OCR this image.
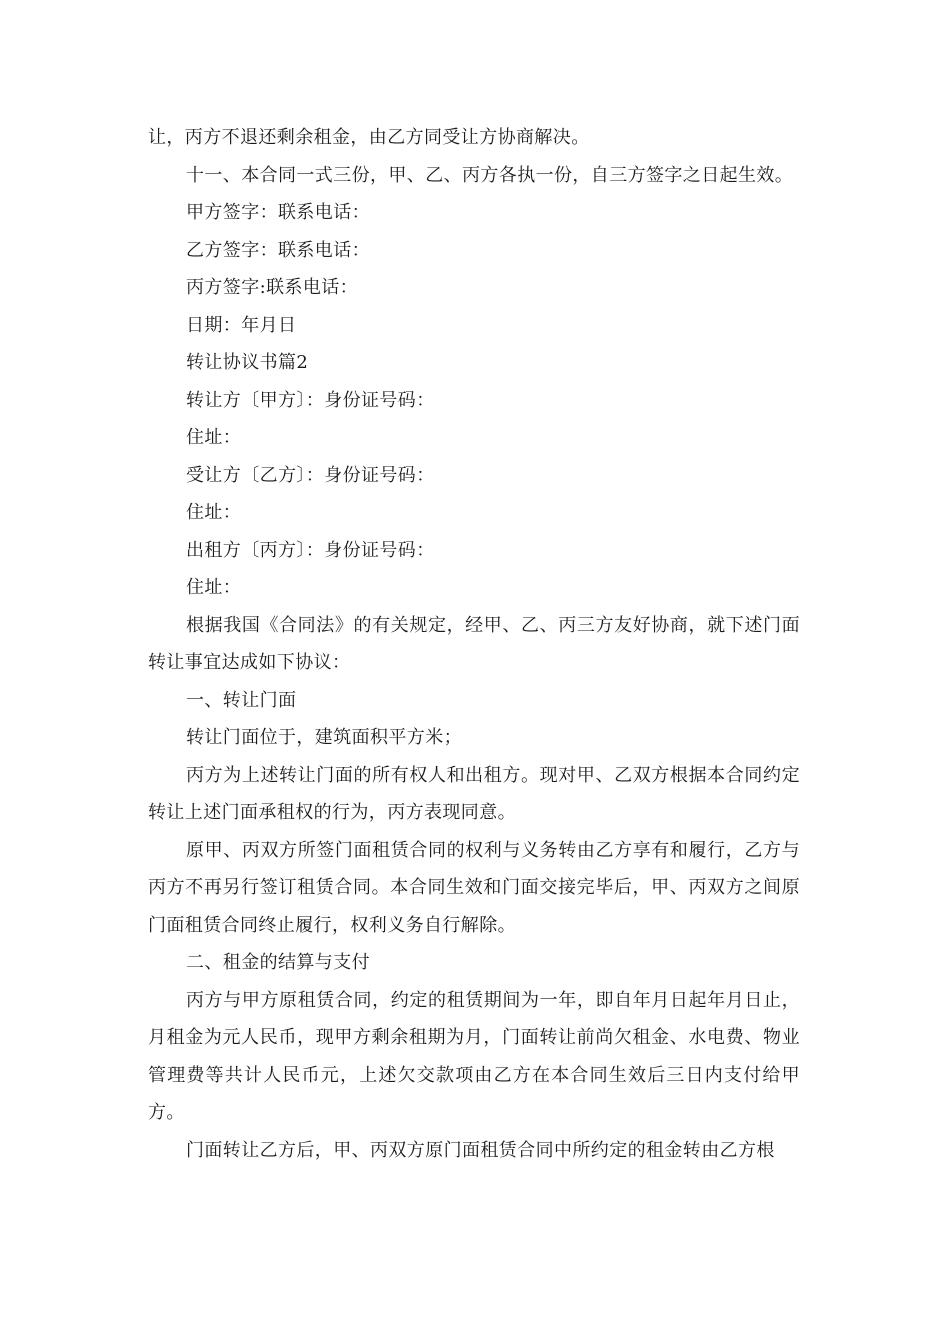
让，丙方不退还剩余租金，由乙方同受让方协商解决。

十一、本合同一式三份，甲、乙、丙方各执一份，自三方签字之日起生效。

甲方签字：联系电话：

乙方签字：联系电话：

丙方签字:联系电话：

日期：年月日

转让协议书篇2

转让方〔甲方〕：身份证号码：

住址：

受让方〔乙方〕：身份证号码：

住址：

出租方〔丙方〕：身份证号码：

住址：

根据我国《合同法》的有关规定，经甲、乙、丙三方友好协商，就下述门面转让事宜达成如下协议：

一、转让门面

转让门面位于，建筑面积平方米；

丙方为上述转让门面的所有权人和出租方。现对甲、乙双方根据本合同约定转让上述门面承租权的行为，丙方表现同意。

原甲、丙双方所签门面租赁合同的权利与义务转由乙方享有和履行，乙方与丙方不再另行签订租赁合同。本合同生效和门面交接完毕后，甲、丙双方之间原门面租赁合同终止履行，权利义务自行解除。

二、租金的结算与支付

丙方与甲方原租赁合同，约定的租赁期间为一年，即自年月日起年月日止，月租金为元人民币，现甲方剩余租期为月，门面转让前尚欠租金、水电费、物业管理费等共计人民币元，上述欠交款项由乙方在本合同生效后三日内支付给甲方。

门面转让乙方后，甲、丙双方原门面租赁合同中所约定的租金转由乙方根
